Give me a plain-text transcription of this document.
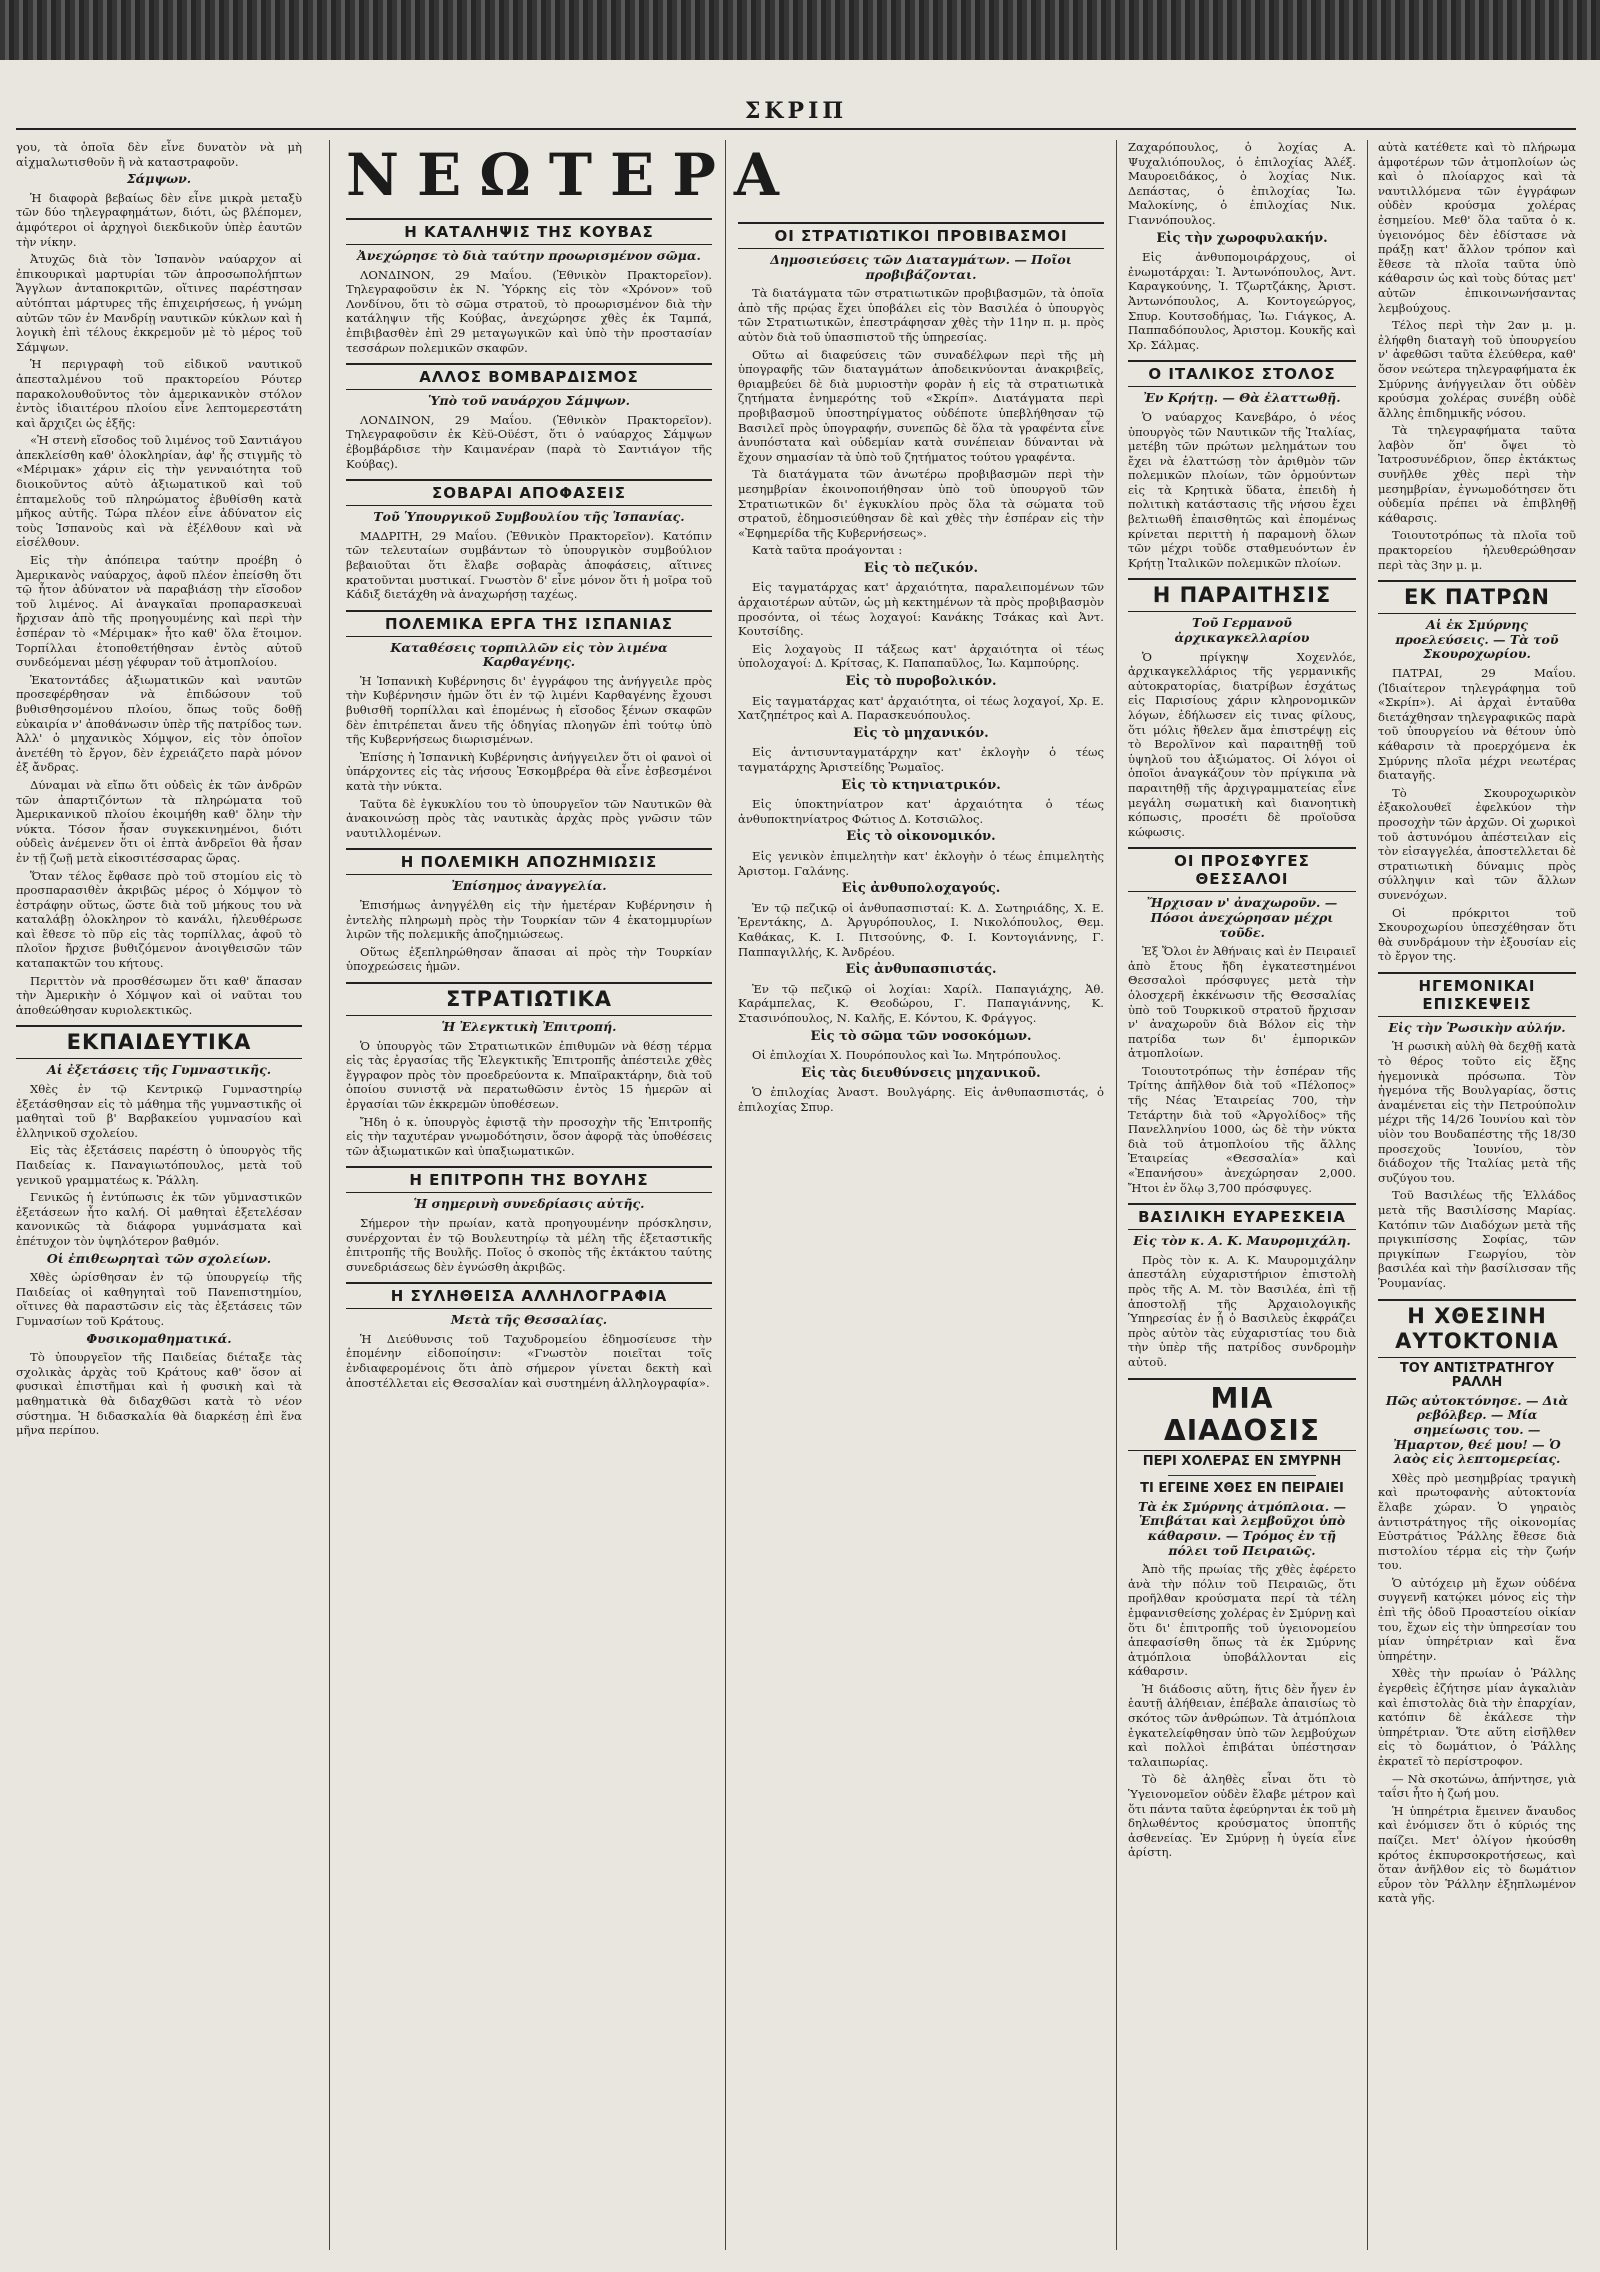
ΣΚΡΙΠ

γου, τὰ ὁποῖα δὲν εἶνε δυνατὸν νὰ μὴ αἰχμαλωτισθοῦν ἢ νὰ καταστραφοῦν.

Σάμψων.

Ἡ διαφορὰ βεβαίως δὲν εἶνε μικρὰ μεταξὺ τῶν δύο τηλεγραφημάτων, διότι, ὡς βλέπομεν, ἀμφότεροι οἱ ἀρχηγοὶ διεκδικοῦν ὑπὲρ ἑαυτῶν τὴν νίκην.

Ἀτυχῶς διὰ τὸν Ἱσπανὸν ναύαρχον αἱ ἐπικουρικαὶ μαρτυρίαι τῶν ἀπροσωπολήπτων Ἄγγλων ἀνταποκριτῶν, οἵτινες παρέστησαν αὐτόπται μάρτυρες τῆς ἐπιχειρήσεως, ἡ γνώμη αὐτῶν τῶν ἐν Μανδρίῃ ναυτικῶν κύκλων καὶ ἡ λογικὴ ἐπὶ τέλους ἐκκρεμοῦν μὲ τὸ μέρος τοῦ Σάμψων.

Ἡ περιγραφὴ τοῦ εἰδικοῦ ναυτικοῦ ἀπεσταλμένου τοῦ πρακτορείου Ρόυτερ παρακολουθοῦντος τὸν ἀμερικανικὸν στόλον ἐντὸς ἰδιαιτέρου πλοίου εἶνε λεπτομερεστάτη καὶ ἄρχιζει ὡς ἑξῆς:

«Ἡ στενὴ εἴσοδος τοῦ λιμένος τοῦ Σαντιάγου ἀπεκλείσθη καθ' ὁλοκληρίαν, ἀφ' ἧς στιγμῆς τὸ «Μέριμακ» χάριν εἰς τὴν γενναιότητα τοῦ διοικοῦντος αὐτὸ ἀξιωματικοῦ καὶ τοῦ ἑπταμελοῦς τοῦ πληρώματος ἐβυθίσθη κατὰ μῆκος αὐτῆς. Τώρα πλέον εἶνε ἀδύνατον εἰς τοὺς Ἱσπανοὺς καὶ νὰ ἐξέλθουν καὶ νὰ εἰσέλθουν.

Εἰς τὴν ἀπόπειρα ταύτην προέβη ὁ Ἀμερικανὸς ναύαρχος, ἀφοῦ πλέον ἐπείσθη ὅτι τῷ ἦτον ἀδύνατον νὰ παραβιάσῃ τὴν εἴσοδον τοῦ λιμένος. Αἱ ἀναγκαῖαι προπαρασκευαὶ ἤρχισαν ἀπὸ τῆς προηγουμένης καὶ περὶ τὴν ἑσπέραν τὸ «Μέριμακ» ἦτο καθ' ὅλα ἕτοιμον. Τορπίλλαι ἐτοποθετήθησαν ἐντὸς αὐτοῦ συνδεόμεναι μέσῃ γέφυραν τοῦ ἀτμοπλοίου.

Ἑκατοντάδες ἀξιωματικῶν καὶ ναυτῶν προσεφέρθησαν νὰ ἐπιδώσουν τοῦ βυθισθησομένου πλοίου, ὅπως τοῦς δοθῇ εὐκαιρία ν' ἀποθάνωσιν ὑπὲρ τῆς πατρίδος των. Ἀλλ' ὁ μηχανικὸς Χόμψον, εἰς τὸν ὁποῖον ἀνετέθη τὸ ἔργον, δὲν ἐχρειάζετο παρὰ μόνον ἐξ ἄνδρας.

Δύναμαι νὰ εἴπω ὅτι οὐδεὶς ἐκ τῶν ἀνδρῶν τῶν ἀπαρτιζόντων τὰ πληρώματα τοῦ Ἀμερικανικοῦ πλοίου ἐκοιμήθη καθ' ὅλην τὴν νύκτα. Τόσον ἦσαν συγκεκινημένοι, διότι οὐδεὶς ἀνέμενεν ὅτι οἱ ἑπτὰ ἀνδρεῖοι θὰ ἦσαν ἐν τῇ ζωῇ μετὰ εἰκοσιτέσσαρας ὥρας.

Ὅταν τέλος ἔφθασε πρὸ τοῦ στομίου εἰς τὸ προσπαρασιθὲν ἀκριβῶς μέρος ὁ Χόμψον τὸ ἐστράφην οὕτως, ὥστε διὰ τοῦ μήκους του νὰ καταλάβῃ ὁλοκληρον τὸ κανάλι, ἠλευθέρωσε καὶ ἔθεσε τὸ πῦρ εἰς τὰς τορπίλλας, ἀφοῦ τὸ πλοῖον ἤρχισε βυθιζόμενον ἀνοιγθεισῶν τῶν καταπακτῶν του κήτους.

Περιττὸν νὰ προσθέσωμεν ὅτι καθ' ἅπασαν τὴν Ἀμερικὴν ὁ Χόμψον καὶ οἱ ναῦται του ἀποθεώθησαν κυριολεκτικῶς.

ΕΚΠΑΙΔΕΥΤΙΚΑ
Αἱ ἐξετάσεις τῆς Γυμναστικῆς.

Χθὲς ἐν τῷ Κεντρικῷ Γυμναστηρίῳ ἐξετάσθησαν εἰς τὸ μάθημα τῆς γυμναστικῆς οἱ μαθηταὶ τοῦ β' Βαρβακείου γυμνασίου καὶ ἑλληνικοῦ σχολείου.

Εἰς τὰς ἐξετάσεις παρέστη ὁ ὑπουργὸς τῆς Παιδείας κ. Παναγιωτόπουλος, μετὰ τοῦ γενικοῦ γραμματέως κ. Ῥάλλη.

Γενικῶς ἡ ἐντύπωσις ἐκ τῶν γῦμναστικῶν ἐξετάσεων ἦτο καλή. Οἱ μαθηταὶ ἐξετελέσαν κανονικῶς τὰ διάφορα γυμνάσματα καὶ ἐπέτυχον τὸν ὑψηλότερον βαθμόν.

Οἱ ἐπιθεωρηταὶ τῶν σχολείων.

Χθὲς ὡρίσθησαν ἐν τῷ ὑπουργείῳ τῆς Παιδείας οἱ καθηγηταὶ τοῦ Πανεπιστημίου, οἵτινες θὰ παραστῶσιν εἰς τὰς ἐξετάσεις τῶν Γυμνασίων τοῦ Κράτους.

Φυσικομαθηματικά.

Τὸ ὑπουργεῖον τῆς Παιδείας διέταξε τὰς σχολικὰς ἀρχὰς τοῦ Κράτους καθ' ὅσον αἱ φυσικαὶ ἐπιστῆμαι καὶ ἡ φυσικὴ καὶ τὰ μαθηματικὰ θὰ διδαχθῶσι κατὰ τὸ νέον σύστημα. Ἡ διδασκαλία θὰ διαρκέσῃ ἐπὶ ἕνα μῆνα περίπου.

ΝΕΩΤΕΡΑ
Η ΚΑΤΑΛΗΨΙΣ ΤΗΣ ΚΟΥΒΑΣ
Ἀνεχώρησε τὸ διὰ ταύτην προωρισμένον σῶμα.

ΛΟΝΔΙΝΟΝ, 29 Μαΐου. (Ἐθνικὸν Πρακτορεῖον). Τηλεγραφοῦσιν ἐκ Ν. Ὑόρκης εἰς τὸν «Χρόνον» τοῦ Λονδίνου, ὅτι τὸ σῶμα στρατοῦ, τὸ προωρισμένον διὰ τὴν κατάληψιν τῆς Κούβας, ἀνεχώρησε χθὲς ἐκ Ταμπά, ἐπιβιβασθὲν ἐπὶ 29 μεταγωγικῶν καὶ ὑπὸ τὴν προστασίαν τεσσάρων πολεμικῶν σκαφῶν.

ΑΛΛΟΣ ΒΟΜΒΑΡΔΙΣΜΟΣ
Ὑπὸ τοῦ ναυάρχου Σάμψων.

ΛΟΝΔΙΝΟΝ, 29 Μαΐου. (Ἐθνικὸν Πρακτορεῖον). Τηλεγραφοῦσιν ἐκ Κὲϋ-Οϋέστ, ὅτι ὁ ναύαρχος Σάμψων ἐβομβάρδισε τὴν Καιμανέραν (παρὰ τὸ Σαντιάγον τῆς Κούβας).

ΣΟΒΑΡΑΙ ΑΠΟΦΑΣΕΙΣ
Τοῦ Ὑπουργικοῦ Συμβουλίου τῆς Ἱσπανίας.

ΜΑΔΡΙΤΗ, 29 Μαΐου. (Ἐθνικὸν Πρακτορεῖον). Κατόπιν τῶν τελευταίων συμβάντων τὸ ὑπουργικὸν συμβούλιον βεβαιοῦται ὅτι ἔλαβε σοβαρὰς ἀποφάσεις, αἵτινες κρατοῦνται μυστικαί. Γνωστὸν δ' εἶνε μόνον ὅτι ἡ μοῖρα τοῦ Κάδιξ διετάχθη νὰ ἀναχωρήσῃ ταχέως.

ΠΟΛΕΜΙΚΑ ΕΡΓΑ ΤΗΣ ΙΣΠΑΝΙΑΣ
Καταθέσεις τορπιλλῶν εἰς τὸν λιμένα Καρθαγένης.

Ἡ Ἱσπανικὴ Κυβέρνησις δι' ἐγγράφου της ἀνήγγειλε πρὸς τὴν Κυβέρνησιν ἡμῶν ὅτι ἐν τῷ λιμένι Καρθαγένης ἔχουσι βυθισθῆ τορπίλλαι καὶ ἑπομένως ἡ εἴσοδος ξένων σκαφῶν δὲν ἐπιτρέπεται ἄνευ τῆς ὁδηγίας πλοηγῶν ἐπὶ τούτῳ ὑπὸ τῆς Κυβερνήσεως διωρισμένων.

Ἐπίσης ἡ Ἱσπανικὴ Κυβέρνησις ἀνήγγειλεν ὅτι οἱ φανοὶ οἱ ὑπάρχοντες εἰς τὰς νήσους Ἐσκομβρέρα θὰ εἶνε ἐσβεσμένοι κατὰ τὴν νύκτα.

Ταῦτα δὲ ἐγκυκλίου του τὸ ὑπουργεῖον τῶν Ναυτικῶν θὰ ἀνακοινώσῃ πρὸς τὰς ναυτικὰς ἀρχὰς πρὸς γνῶσιν τῶν ναυτιλλομένων.

Η ΠΟΛΕΜΙΚΗ ΑΠΟΖΗΜΙΩΣΙΣ
Ἐπίσημος ἀναγγελία.

Ἐπισήμως ἀνηγγέλθη εἰς τὴν ἡμετέραν Κυβέρνησιν ἡ ἐντελὴς πληρωμὴ πρὸς τὴν Τουρκίαν τῶν 4 ἑκατομμυρίων λιρῶν τῆς πολεμικῆς ἀποζημιώσεως.

Οὕτως ἐξεπληρώθησαν ἅπασαι αἱ πρὸς τὴν Τουρκίαν ὑποχρεώσεις ἡμῶν.

ΣΤΡΑΤΙΩΤΙΚΑ
Ἡ Ἐλεγκτικὴ Ἐπιτροπή.

Ὁ ὑπουργὸς τῶν Στρατιωτικῶν ἐπιθυμῶν νὰ θέσῃ τέρμα εἰς τὰς ἐργασίας τῆς Ἐλεγκτικῆς Ἐπιτροπῆς ἀπέστειλε χθὲς ἔγγραφον πρὸς τὸν προεδρεύοντα κ. Μπαϊρακτάρην, διὰ τοῦ ὁποίου συνιστᾷ νὰ περατωθῶσιν ἐντὸς 15 ἡμερῶν αἱ ἐργασίαι τῶν ἐκκρεμῶν ὑποθέσεων.

Ἤδη ὁ κ. ὑπουργὸς ἐφιστᾷ τὴν προσοχὴν τῆς Ἐπιτροπῆς εἰς τὴν ταχυτέραν γνωμοδότησιν, ὅσον ἀφορᾷ τὰς ὑποθέσεις τῶν ἀξιωματικῶν καὶ ὑπαξιωματικῶν.

Η ΕΠΙΤΡΟΠΗ ΤΗΣ ΒΟΥΛΗΣ
Ἡ σημερινὴ συνεδρίασις αὐτῆς.

Σήμερον τὴν πρωίαν, κατὰ προηγουμένην πρόσκλησιν, συνέρχονται ἐν τῷ Βουλευτηρίῳ τὰ μέλη τῆς ἐξεταστικῆς ἐπιτροπῆς τῆς Βουλῆς. Ποῖος ὁ σκοπὸς τῆς ἐκτάκτου ταύτης συνεδριάσεως δὲν ἐγνώσθη ἀκριβῶς.

Η ΣΥΛΗΘΕΙΣΑ ΑΛΛΗΛΟΓΡΑΦΙΑ
Μετὰ τῆς Θεσσαλίας.

Ἡ Διεύθυνσις τοῦ Ταχυδρομείου ἐδημοσίευσε τὴν ἑπομένην εἰδοποίησιν: «Γνωστὸν ποιεῖται τοῖς ἐνδιαφερομένοις ὅτι ἀπὸ σήμερον γίνεται δεκτὴ καὶ ἀποστέλλεται εἰς Θεσσαλίαν καὶ συστημένη ἀλληλογραφία».

ΟΙ ΣΤΡΑΤΙΩΤΙΚΟΙ ΠΡΟΒΙΒΑΣΜΟΙ
Δημοσιεύσεις τῶν Διαταγμάτων. — Ποῖοι προβιβάζονται.

Τὰ διατάγματα τῶν στρατιωτικῶν προβιβασμῶν, τὰ ὁποῖα ἀπὸ τῆς πρῴας ἔχει ὑποβάλει εἰς τὸν Βασιλέα ὁ ὑπουργὸς τῶν Στρατιωτικῶν, ἐπεστράφησαν χθὲς τὴν 11ην π. μ. πρὸς αὐτὸν διὰ τοῦ ὑπασπιστοῦ τῆς ὑπηρεσίας.

Οὕτω αἱ διαφεύσεις τῶν συναδέλφων περὶ τῆς μὴ ὑπογραφῆς τῶν διαταγμάτων ἀποδεικνύονται ἀνακριβεῖς, θριαμβεύει δὲ διὰ μυριοστὴν φορὰν ἡ εἰς τὰ στρατιωτικὰ ζητήματα ἐνημερότης τοῦ «Σκρίπ». Διατάγματα περὶ προβιβασμοῦ ὑποστηρίγματος οὐδέποτε ὑπεβλήθησαν τῷ Βασιλεῖ πρὸς ὑπογραφήν, συνεπῶς δὲ ὅλα τὰ γραφέντα εἶνε ἀνυπόστατα καὶ οὐδεμίαν κατὰ συνέπειαν δύνανται νὰ ἔχουν σημασίαν τὰ ὑπὸ τοῦ ζητήματος τούτου γραφέντα.

Τὰ διατάγματα τῶν ἀνωτέρω προβιβασμῶν περὶ τὴν μεσημβρίαν ἐκοινοποιήθησαν ὑπὸ τοῦ ὑπουργοῦ τῶν Στρατιωτικῶν δι' ἐγκυκλίου πρὸς ὅλα τὰ σώματα τοῦ στρατοῦ, ἐδημοσιεύθησαν δὲ καὶ χθὲς τὴν ἑσπέραν εἰς τὴν «Ἐφημερίδα τῆς Κυβερνήσεως».

Κατὰ ταῦτα προάγονται :

Εἰς τὸ πεζικόν.

Εἰς ταγματάρχας κατ' ἀρχαιότητα, παραλειπομένων τῶν ἀρχαιοτέρων αὐτῶν, ὡς μὴ κεκτημένων τὰ πρὸς προβιβασμὸν προσόντα, οἱ τέως λοχαγοί: Κανάκης Τσάκας καὶ Ἀντ. Κουτσίδης.

Εἰς λοχαγοὺς ΙΙ τάξεως κατ' ἀρχαιότητα οἱ τέως ὑπολοχαγοί: Δ. Κρίτσας, Κ. Παπαπαῦλος, Ἰω. Καμπούρης.

Εἰς τὸ πυροβολικόν.

Εἰς ταγματάρχας κατ' ἀρχαιότητα, οἱ τέως λοχαγοί, Χρ. Ε. Χατζηπέτρος καὶ Α. Παρασκευόπουλος.

Εἰς τὸ μηχανικόν.

Εἰς ἀντισυνταγματάρχην κατ' ἐκλογὴν ὁ τέως ταγματάρχης Ἀριστείδης Ῥωμαῖος.

Εἰς τὸ κτηνιατρικόν.

Εἰς ὑποκτηνίατρον κατ' ἀρχαιότητα ὁ τέως ἀνθυποκτηνίατρος Φώτιος Δ. Κοτσιῶλος.

Εἰς τὸ οἰκονομικόν.

Εἰς γενικὸν ἐπιμελητὴν κατ' ἐκλογὴν ὁ τέως ἐπιμελητὴς Ἀριστομ. Γαλάνης.

Εἰς ἀνθυπολοχαγούς.

Ἐν τῷ πεζικῷ οἱ ἀνθυπασπισταί: Κ. Δ. Σωτηριάδης, Χ. Ε. Ἐρεντάκης, Δ. Ἀργυρόπουλος, Ι. Νικολόπουλος, Θεμ. Καθάκας, Κ. Ι. Πιτσούνης, Φ. Ι. Κοντογιάννης, Γ. Παππαγιλλής, Κ. Ἀνδρέου.

Εἰς ἀνθυπασπιστάς.

Ἐν τῷ πεζικῷ οἱ λοχίαι: Χαρίλ. Παπαγιάχης, Ἀθ. Καράμπελας, Κ. Θεοδώρου, Γ. Παπαγιάννης, Κ. Στασινόπουλος, Ν. Καλῆς, Ε. Κόντου, Κ. Φράγγος.

Εἰς τὸ σῶμα τῶν νοσοκόμων.

Οἱ ἐπιλοχίαι Χ. Πουρόπουλος καὶ Ἰω. Μητρόπουλος.

Εἰς τὰς διευθύνσεις μηχανικοῦ.

Ὁ ἐπιλοχίας Ἀναστ. Βουλγάρης. Εἰς ἀνθυπασπιστάς, ὁ ἐπιλοχίας Σπυρ.

Ζαχαρόπουλος, ὁ λοχίας Α. Ψυχαλιόπουλος, ὁ ἐπιλοχίας Ἀλέξ. Μαυροειδάκος, ὁ λοχίας Νικ. Δεπάστας, ὁ ἐπιλοχίας Ἰω. Μαλοκίνης, ὁ ἐπιλοχίας Νικ. Γιαννόπουλος.

Εἰς τὴν χωροφυλακήν.

Εἰς ἀνθυπομοιράρχους, οἱ ἐνωμοτάρχαι: Ἰ. Ἀντωνόπουλος, Ἀντ. Καραγκούνης, Ἰ. Τζωρτζάκης, Ἀριστ. Ἀντωνόπουλος, Α. Κοντογεώργος, Σπυρ. Κουτσοδήμας, Ἰω. Γιάγκος, Α. Παππαδόπουλος, Ἀριστομ. Κουκῆς καὶ Χρ. Σάλμας.

Ο ΙΤΑΛΙΚΟΣ ΣΤΟΛΟΣ
Ἐν Κρήτῃ. — Θὰ ἐλαττωθῇ.

Ὁ ναύαρχος Κανεβάρο, ὁ νέος ὑπουργὸς τῶν Ναυτικῶν τῆς Ἰταλίας, μετέβη τῶν πρώτων μελημάτων του ἔχει νὰ ἐλαττώσῃ τὸν ἀριθμὸν τῶν πολεμικῶν πλοίων, τῶν ὁρμούντων εἰς τὰ Κρητικὰ ὕδατα, ἐπειδὴ ἡ πολιτικὴ κατάστασις τῆς νήσου ἔχει βελτιωθῆ ἐπαισθητῶς καὶ ἐπομένως κρίνεται περιττὴ ἡ παραμονὴ ὅλων τῶν μέχρι τοῦδε σταθμευόντων ἐν Κρήτῃ Ἰταλικῶν πολεμικῶν πλοίων.

Η ΠΑΡΑΙΤΗΣΙΣ
Τοῦ Γερμανοῦ ἀρχικαγκελλαρίου

Ὁ πρίγκηψ Χοχενλόε, ἀρχικαγκελλάριος τῆς γερμανικῆς αὐτοκρατορίας, διατρίβων ἐσχάτως εἰς Παρισίους χάριν κληρονομικῶν λόγων, ἐδήλωσεν εἰς τινας φίλους, ὅτι μόλις ἤθελεν ἄμα ἐπιστρέψῃ εἰς τὸ Βερολῖνον καὶ παραιτηθῇ τοῦ ὑψηλοῦ του ἀξιώματος. Οἱ λόγοι οἱ ὁποῖοι ἀναγκάζουν τὸν πρίγκιπα νὰ παραιτηθῇ τῆς ἀρχιγραμματείας εἶνε μεγάλη σωματικὴ καὶ διανοητικὴ κόπωσις, προσέτι δὲ προϊοῦσα κώφωσις.

ΟΙ ΠΡΟΣΦΥΓΕΣ ΘΕΣΣΑΛΟΙ
Ἤρχισαν ν' ἀναχωροῦν. — Πόσοι ἀνεχώρησαν μέχρι τοῦδε.

Ἐξ Ὅλοι ἐν Ἀθήναις καὶ ἐν Πειραιεῖ ἀπὸ ἔτους ἤδη ἐγκατεστημένοι Θεσσαλοὶ πρόσφυγες μετὰ τὴν ὁλοσχερῆ ἐκκένωσιν τῆς Θεσσαλίας ὑπὸ τοῦ Τουρκικοῦ στρατοῦ ἤρχισαν ν' ἀναχωροῦν διὰ Βόλον εἰς τὴν πατρίδα των δι' ἐμπορικῶν ἀτμοπλοίων.

Τοιουτοτρόπως τὴν ἑσπέραν τῆς Τρίτης ἀπῆλθον διὰ τοῦ «Πέλοπος» τῆς Νέας Ἑταιρείας 700, τὴν Τετάρτην διὰ τοῦ «Ἀργολίδος» τῆς Πανελληνίου 1000, ὡς δὲ τὴν νύκτα διὰ τοῦ ἀτμοπλοίου τῆς ἄλλης Ἑταιρείας «Θεσσαλία» καὶ «Ἐπανήσου» ἀνεχώρησαν 2,000. Ἤτοι ἐν ὅλῳ 3,700 πρόσφυγες.

ΒΑΣΙΛΙΚΗ ΕΥΑΡΕΣΚΕΙΑ
Εἰς τὸν κ. Α. Κ. Μαυρομιχάλη.

Πρὸς τὸν κ. Α. Κ. Μαυρομιχάλην ἀπεστάλη εὐχαριστήριον ἐπιστολὴ πρὸς τῆς Α. Μ. τὸν Βασιλέα, ἐπὶ τῇ ἀποστολῇ τῆς Ἀρχαιολογικῆς Ὑπηρεσίας ἐν ᾗ ὁ Βασιλεὺς ἐκφράζει πρὸς αὐτὸν τὰς εὐχαριστίας του διὰ τὴν ὑπὲρ τῆς πατρίδος συνδρομὴν αὐτοῦ.

ΜΙΑ ΔΙΑΔΟΣΙΣ
ΠΕΡΙ ΧΟΛΕΡΑΣ ΕΝ ΣΜΥΡΝΗ
ΤΙ ΕΓΕΙΝΕ ΧΘΕΣ ΕΝ ΠΕΙΡΑΙΕΙ
Τὰ ἐκ Σμύρνης ἀτμόπλοια. — Ἐπιβάται καὶ λεμβοῦχοι ὑπὸ κάθαρσιν. — Τρόμος ἐν τῇ πόλει τοῦ Πειραιῶς.

Ἀπὸ τῆς πρωίας τῆς χθὲς ἐφέρετο ἀνὰ τὴν πόλιν τοῦ Πειραιῶς, ὅτι προῆλθαν κρούσματα περί τὰ τέλη ἐμφανισθείσης χολέρας ἐν Σμύρνῃ καὶ ὅτι δι' ἐπιτροπῆς τοῦ ὑγειονομείου ἀπεφασίσθη ὅπως τὰ ἐκ Σμύρνης ἀτμόπλοια ὑποβάλλονται εἰς κάθαρσιν.

Ἡ διάδοσις αὕτη, ἥτις δὲν ἦγεν ἐν ἑαυτῇ ἀλήθειαν, ἐπέβαλε ἀπαισίως τὸ σκότος τῶν ἀνθρώπων. Τὰ ἀτμόπλοια ἐγκατελείφθησαν ὑπὸ τῶν λεμβούχων καὶ πολλοὶ ἐπιβάται ὑπέστησαν ταλαιπωρίας.

Τὸ δὲ ἀληθὲς εἶναι ὅτι τὸ Ὑγειονομεῖον οὐδὲν ἔλαβε μέτρον καὶ ὅτι πάντα ταῦτα ἐφεύρηνται ἐκ τοῦ μὴ δηλωθέντος κρούσματος ὑποπτῆς ἀσθενείας. Ἐν Σμύρνῃ ἡ ὑγεία εἶνε ἀρίστη.

αὐτὰ κατέθετε καὶ τὸ πλήρωμα ἀμφοτέρων τῶν ἀτμοπλοίων ὡς καὶ ὁ πλοίαρχος καὶ τὰ ναυτιλλόμενα τῶν ἐγγράφων οὐδὲν κρούσμα χολέρας ἐσημείου. Μεθ' ὅλα ταῦτα ὁ κ. ὑγειονόμος δὲν ἐδίστασε νὰ πράξῃ κατ' ἄλλον τρόπον καὶ ἔθεσε τὰ πλοῖα ταῦτα ὑπὸ κάθαρσιν ὡς καὶ τοὺς δύτας μετ' αὐτῶν ἐπικοινωνήσαντας λεμβούχους.

Τέλος περὶ τὴν 2αν μ. μ. ἐλήφθη διαταγὴ τοῦ ὑπουργείου ν' ἀφεθῶσι ταῦτα ἐλεύθερα, καθ' ὅσον νεώτερα τηλεγραφήματα ἐκ Σμύρνης ἀνήγγειλαν ὅτι οὐδὲν κρούσμα χολέρας συνέβη οὐδὲ ἄλλης ἐπιδημικῆς νόσου.

Τὰ τηλεγραφήματα ταῦτα λαβὸν ὅπ' ὄψει τὸ Ἰατροσυνέδριον, ὅπερ ἐκτάκτως συνῆλθε χθὲς περὶ τὴν μεσημβρίαν, ἐγνωμοδότησεν ὅτι οὐδεμία πρέπει νὰ ἐπιβληθῇ κάθαρσις.

Τοιουτοτρόπως τὰ πλοῖα τοῦ πρακτορείου ἠλευθερώθησαν περὶ τὰς 3ην μ. μ.

ΕΚ ΠΑΤΡΩΝ
Αἱ ἐκ Σμύρνης προελεύσεις. — Τὰ τοῦ Σκουροχωρίου.

ΠΑΤΡΑΙ, 29 Μαΐου. (Ἰδιαίτερον τηλεγράφημα τοῦ «Σκρίπ»). Αἱ ἀρχαὶ ἐνταῦθα διετάχθησαν τηλεγραφικῶς παρὰ τοῦ ὑπουργείου νὰ θέτουν ὑπὸ κάθαρσιν τὰ προερχόμενα ἐκ Σμύρνης πλοῖα μέχρι νεωτέρας διαταγῆς.

Τὸ Σκουροχωρικὸν ἐξακολουθεῖ ἐφελκύον τὴν προσοχὴν τῶν ἀρχῶν. Οἱ χωρικοὶ τοῦ ἀστυνόμου ἀπέστειλαν εἰς τὸν εἰσαγγελέα, ἀποστελλεται δὲ στρατιωτικὴ δύναμις πρὸς σύλληψιν καὶ τῶν ἄλλων συνενόχων.

Οἱ πρόκριτοι τοῦ Σκουροχωρίου ὑπεσχέθησαν ὅτι θὰ συνδράμουν τὴν ἐξουσίαν εἰς τὸ ἔργον της.

ΗΓΕΜΟΝΙΚΑΙ ΕΠΙΣΚΕΨΕΙΣ
Εἰς τὴν Ῥωσικὴν αὐλήν.

Ἡ ρωσικὴ αὐλὴ θὰ δεχθῇ κατὰ τὸ θέρος τοῦτο εἰς ἔξης ἡγεμονικὰ πρόσωπα. Τὸν ἡγεμόνα τῆς Βουλγαρίας, ὅστις ἀναμένεται εἰς τὴν Πετρούπολιν μέχρι τῆς 14/26 Ἰουνίου καὶ τὸν υἱὸν του Βουδαπέστης τῆς 18/30 προσεχοῦς Ἰουνίου, τὸν διάδοχον τῆς Ἰταλίας μετὰ τῆς συζύγου του.

Τοῦ Βασιλέως τῆς Ἑλλάδος μετὰ τῆς Βασιλίσσης Μαρίας. Κατόπιν τῶν Διαδόχων μετὰ τῆς πριγκιπίσσης Σοφίας, τῶν πριγκίπων Γεωργίου, τὸν βασιλέα καὶ τὴν βασίλισσαν τῆς Ῥουμανίας.

Η ΧΘΕΣΙΝΗ ΑΥΤΟΚΤΟΝΙΑ
ΤΟΥ ΑΝΤΙΣΤΡΑΤΗΓΟΥ ΡΑΛΛΗ
Πῶς αὐτοκτόνησε. — Διὰ ρεβόλβερ. — Μία σημείωσις του. — Ἠμαρτον, θεέ μου! — Ὁ λαὸς εἰς λεπτομερείας.

Χθὲς πρὸ μεσημβρίας τραγικὴ καὶ πρωτοφανὴς αὐτοκτονία ἔλαβε χώραν. Ὁ γηραιὸς ἀντιστράτηγος τῆς οἰκονομίας Εὐστράτιος Ῥάλλης ἔθεσε διὰ πιστολίου τέρμα εἰς τὴν ζωήν του.

Ὁ αὐτόχειρ μὴ ἔχων οὐδένα συγγενῆ κατῴκει μόνος εἰς τὴν ἐπὶ τῆς ὁδοῦ Προαστείου οἰκίαν του, ἔχων εἰς τὴν ὑπηρεσίαν του μίαν ὑπηρέτριαν καὶ ἕνα ὑπηρέτην.

Χθὲς τὴν πρωίαν ὁ Ῥάλλης ἐγερθεὶς ἐζήτησε μίαν ἀγκαλιὰν καὶ ἐπιστολὰς διὰ τὴν ἐπαρχίαν, κατόπιν δὲ ἐκάλεσε τὴν ὑπηρέτριαν. Ὅτε αὕτη εἰσῆλθεν εἰς τὸ δωμάτιον, ὁ Ῥάλλης ἐκρατεῖ τὸ περίστροφον.

— Νὰ σκοτώνω, ἀπήντησε, γιὰ ταΐσι ἦτο ἡ ζωή μου.

Ἡ ὑπηρέτρια ἔμεινεν ἄναυδος καὶ ἐνόμισεν ὅτι ὁ κύριός της παίζει. Μετ' ὀλίγον ἠκούσθη κρότος ἐκπυρσοκροτήσεως, καὶ ὅταν ἀνῆλθον εἰς τὸ δωμάτιον εὗρον τὸν Ῥάλλην ἐξηπλωμένον κατὰ γῆς.
